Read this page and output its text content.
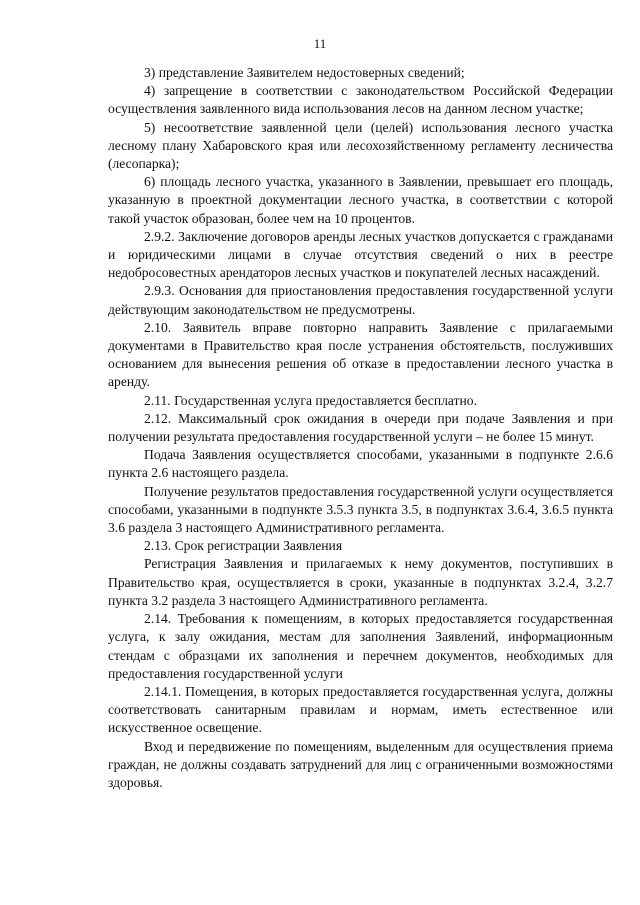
11

3) представление Заявителем недостоверных сведений;

4) запрещение в соответствии с законодательством Российской Федерации осуществления заявленного вида использования лесов на данном лесном участке;

5) несоответствие заявленной цели (целей) использования лесного участка лесному плану Хабаровского края или лесохозяйственному регламенту лесничества (лесопарка);

6) площадь лесного участка, указанного в Заявлении, превышает его площадь, указанную в проектной документации лесного участка, в соответствии с которой такой участок образован, более чем на 10 процентов.

2.9.2. Заключение договоров аренды лесных участков допускается с гражданами и юридическими лицами в случае отсутствия сведений о них в реестре недобросовестных арендаторов лесных участков и покупателей лесных насаждений.

2.9.3. Основания для приостановления предоставления государственной услуги действующим законодательством не предусмотрены.

2.10. Заявитель вправе повторно направить Заявление с прилагаемыми документами в Правительство края после устранения обстоятельств, послуживших основанием для вынесения решения об отказе в предоставлении лесного участка в аренду.

2.11. Государственная услуга предоставляется бесплатно.

2.12. Максимальный срок ожидания в очереди при подаче Заявления и при получении результата предоставления государственной услуги – не более 15 минут.

Подача Заявления осуществляется способами, указанными в подпункте 2.6.6 пункта 2.6 настоящего раздела.

Получение результатов предоставления государственной услуги осуществляется способами, указанными в подпункте 3.5.3 пункта 3.5, в подпунктах 3.6.4, 3.6.5 пункта 3.6 раздела 3 настоящего Административного регламента.

2.13. Срок регистрации Заявления

Регистрация Заявления и прилагаемых к нему документов, поступивших в Правительство края, осуществляется в сроки, указанные в подпунктах 3.2.4, 3.2.7 пункта 3.2 раздела 3 настоящего Административного регламента.

2.14. Требования к помещениям, в которых предоставляется государственная услуга, к залу ожидания, местам для заполнения Заявлений, информационным стендам с образцами их заполнения и перечнем документов, необходимых для предоставления государственной услуги

2.14.1. Помещения, в которых предоставляется государственная услуга, должны соответствовать санитарным правилам и нормам, иметь естественное или искусственное освещение.

Вход и передвижение по помещениям, выделенным для осуществления приема граждан, не должны создавать затруднений для лиц с ограниченными возможностями здоровья.
